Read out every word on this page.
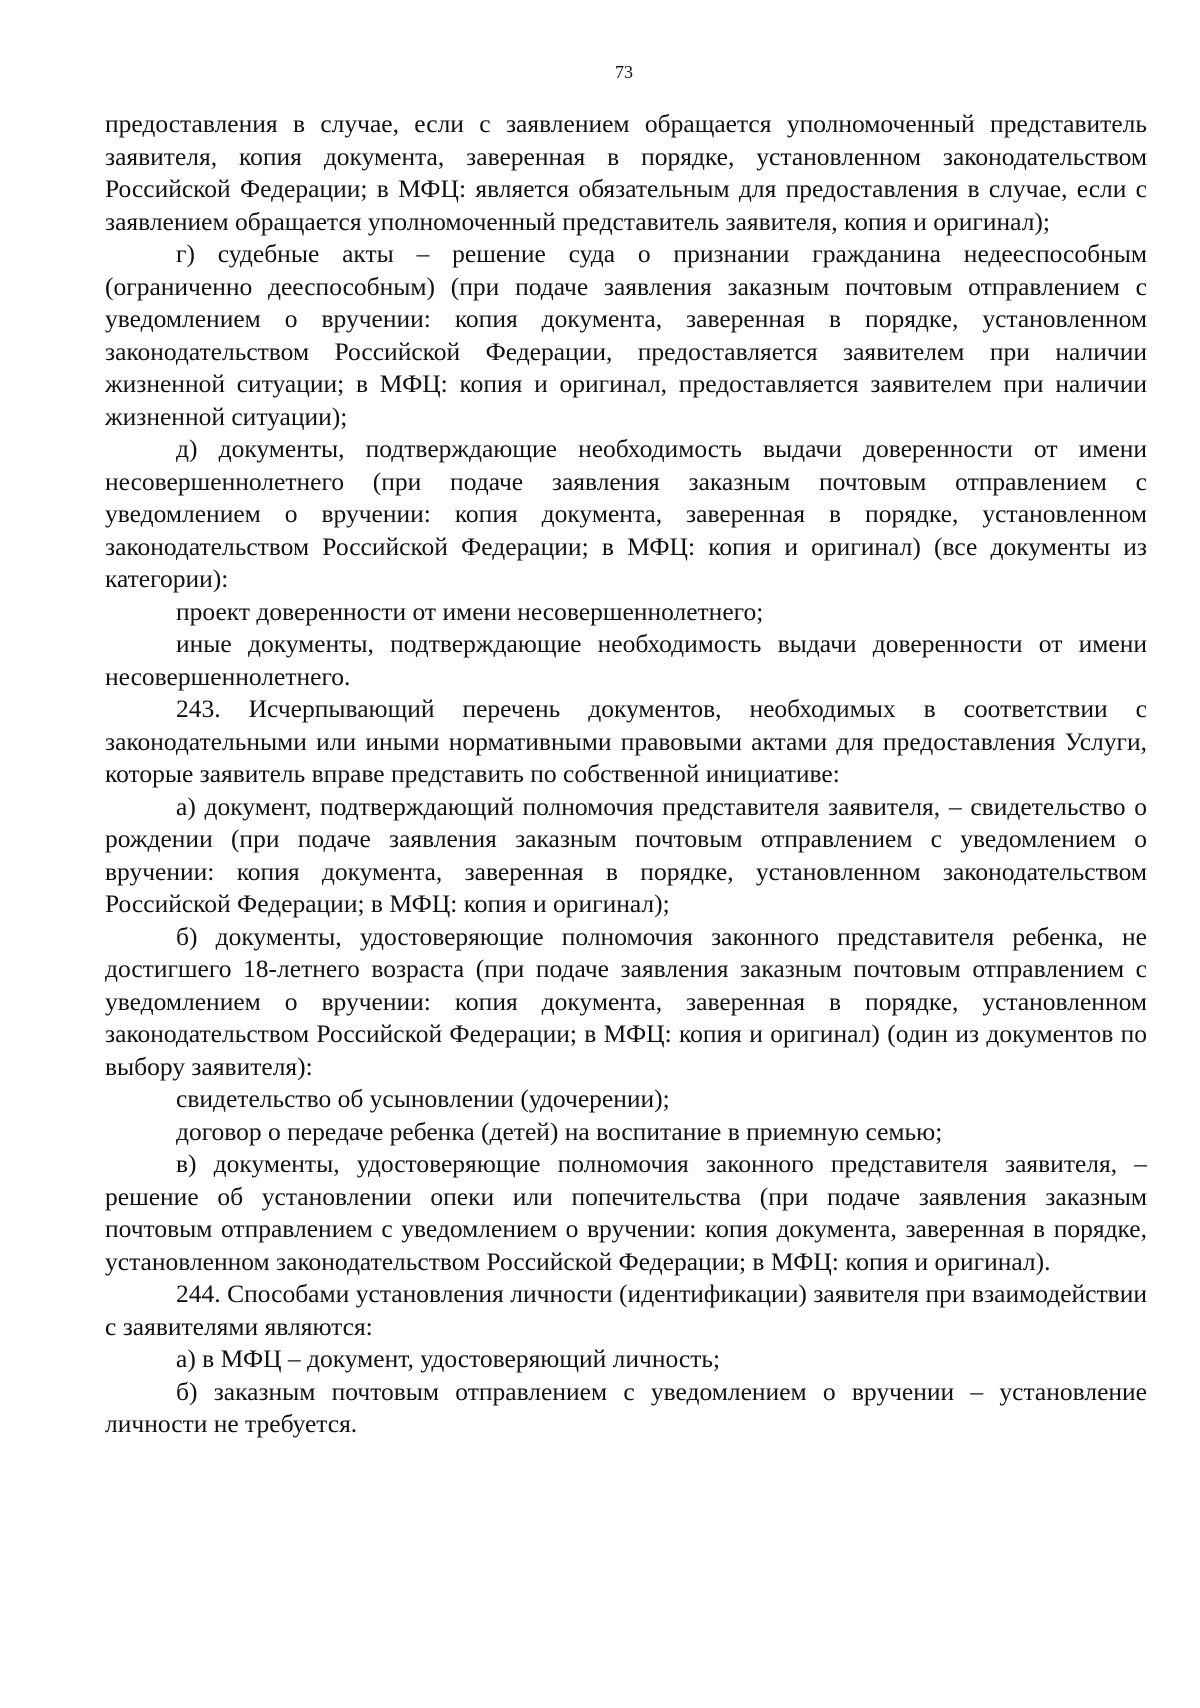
73

предоставления в случае, если с заявлением обращается уполномоченный представитель заявителя, копия документа, заверенная в порядке, установленном законодательством Российской Федерации; в МФЦ: является обязательным для предоставления в случае, если с заявлением обращается уполномоченный представитель заявителя, копия и оригинал);

г) судебные акты – решение суда о признании гражданина недееспособным (ограниченно дееспособным) (при подаче заявления заказным почтовым отправлением с уведомлением о вручении: копия документа, заверенная в порядке, установленном законодательством Российской Федерации, предоставляется заявителем при наличии жизненной ситуации; в МФЦ: копия и оригинал, предоставляется заявителем при наличии жизненной ситуации);

д) документы, подтверждающие необходимость выдачи доверенности от имени несовершеннолетнего (при подаче заявления заказным почтовым отправлением с уведомлением о вручении: копия документа, заверенная в порядке, установленном законодательством Российской Федерации; в МФЦ: копия и оригинал) (все документы из категории):

проект доверенности от имени несовершеннолетнего;

иные документы, подтверждающие необходимость выдачи доверенности от имени несовершеннолетнего.

243. Исчерпывающий перечень документов, необходимых в соответствии с законодательными или иными нормативными правовыми актами для предоставления Услуги, которые заявитель вправе представить по собственной инициативе:

а) документ, подтверждающий полномочия представителя заявителя, – свидетельство о рождении (при подаче заявления заказным почтовым отправлением с уведомлением о вручении: копия документа, заверенная в порядке, установленном законодательством Российской Федерации; в МФЦ: копия и оригинал);

б) документы, удостоверяющие полномочия законного представителя ребенка, не достигшего 18-летнего возраста (при подаче заявления заказным почтовым отправлением с уведомлением о вручении: копия документа, заверенная в порядке, установленном законодательством Российской Федерации; в МФЦ: копия и оригинал) (один из документов по выбору заявителя):

свидетельство об усыновлении (удочерении);

договор о передаче ребенка (детей) на воспитание в приемную семью;

в) документы, удостоверяющие полномочия законного представителя заявителя, – решение об установлении опеки или попечительства (при подаче заявления заказным почтовым отправлением с уведомлением о вручении: копия документа, заверенная в порядке, установленном законодательством Российской Федерации; в МФЦ: копия и оригинал).

244. Способами установления личности (идентификации) заявителя при взаимодействии с заявителями являются:

а) в МФЦ – документ, удостоверяющий личность;

б) заказным почтовым отправлением с уведомлением о вручении – установление личности не требуется.
